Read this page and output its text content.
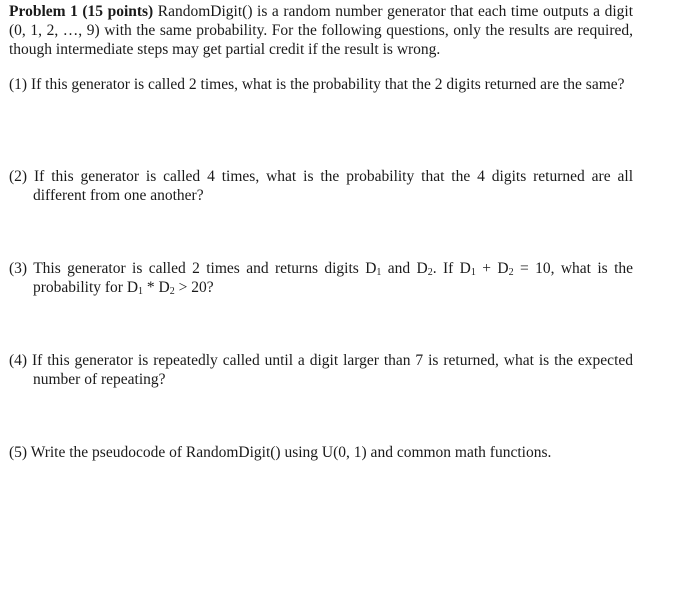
Problem 1 (15 points) RandomDigit() is a random number generator that each time outputs a digit (0, 1, 2, …, 9) with the same probability. For the following questions, only the results are required, though intermediate steps may get partial credit if the result is wrong.

(1) If this generator is called 2 times, what is the probability that the 2 digits returned are the same?
(2) If this generator is called 4 times, what is the probability that the 4 digits returned are all different from one another?
(3) This generator is called 2 times and returns digits $D_1$ and $D_2$. If $D_1 + D_2 = 10$, what is the probability for $D_1 * D_2 > 20$?
(4) If this generator is repeatedly called until a digit larger than 7 is returned, what is the expected number of repeating?
(5) Write the pseudocode of RandomDigit() using U(0, 1) and common math functions.
